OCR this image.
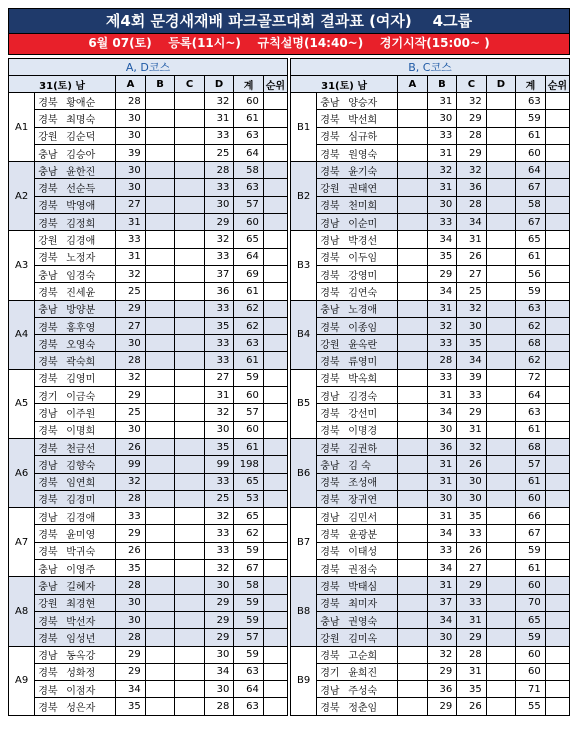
제4회 문경새재배 파크골프대회 결과표 (여자)    4그룹
6월 07(토)    등록(11시~)    규칙설명(14:40~)    경기시작(15:00~ )
A, D코스							
31(토) 남		A	B	C	D	계	순위
A1	경북 황애순	28			32	60	
	경북 최명숙	30			31	61	
	강원 김순덕	30			33	63	
	충남 김승아	39			25	64	
A2	충남 윤한진	30			28	58	
	경북 선순득	30			33	63	
	경북 박영애	27			30	57	
	경북 김정희	31			29	60	
A3	강원 김경애	33			32	65	
	경북 노정자	31			33	64	
	충남 임경숙	32			37	69	
	경북 진세윤	25			36	61	
A4	충남 방양분	29			33	62	
	경북 홍후영	27			35	62	
	경북 오영숙	30			33	63	
	경북 곽숙희	28			33	61	
A5	경북 김영미	32			27	59	
	경기 이금숙	29			31	60	
	경남 이주원	25			32	57	
	경북 이명희	30			30	60	
A6	경북 천금선	26			35	61	
	경남 김향숙	99			99	198	
	경북 임연희	32			33	65	
	경북 김경미	28			25	53	
A7	경남 김경애	33			32	65	
	경북 윤미영	29			33	62	
	경북 박귀숙	26			33	59	
	충남 이영주	35			32	67	
A8	충남 길혜자	28			30	58	
	강원 최경현	30			29	59	
	경북 박선자	30			29	59	
	경북 임성년	28			29	57	
A9	경남 동옥강	29			30	59	
	경북 성화정	29			34	63	
	경북 이점자	34			30	64	
	경북 성은자	35			28	63	
B, C코스							
31(토) 남		A	B	C	D	계	순위
B1	충남 양승자		31	32		63	
	경북 박선희		30	29		59	
	경북 심규하		33	28		61	
	경북 원영숙		31	29		60	
B2	경북 윤기숙		32	32		64	
	강원 권태연		31	36		67	
	경북 천미희		30	28		58	
	경남 이순미		33	34		67	
B3	경남 박경선		34	31		65	
	경북 이두임		35	26		61	
	경북 강영미		29	27		56	
	경북 김연숙		34	25		59	
B4	충남 노경애		31	32		63	
	경북 이종임		32	30		62	
	강원 윤옥란		33	35		68	
	경북 류영미		28	34		62	
B5	경북 박옥희		33	39		72	
	경남 김경숙		31	33		64	
	경북 강선미		34	29		63	
	경북 이명경		30	31		61	
B6	경북 김권하		36	32		68	
	충남 김 숙		31	26		57	
	경북 조성애		31	30		61	
	경북 장귀연		30	30		60	
B7	경남 김민서		31	35		66	
	경북 윤광분		34	33		67	
	경북 이태성		33	26		59	
	경북 권점숙		34	27		61	
B8	경북 박태심		31	29		60	
	경북 최미자		37	33		70	
	충남 권영숙		34	31		65	
	강원 김미옥		30	29		59	
B9	경북 고순희		32	28		60	
	경기 윤희진		29	31		60	
	경남 주성숙		36	35		71	
	경북 정춘임		29	26		55	
